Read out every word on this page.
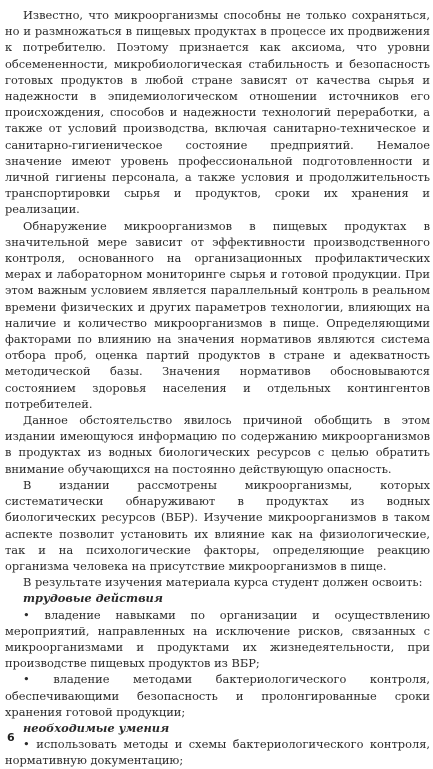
Известно, что микроорганизмы способны не только сохраняться, но и размножаться в пищевых продуктах в процессе их продвижения к потребителю. Поэтому признается как аксиома, что уровни обсемененности, микробиологическая стабильность и безопасность готовых продуктов в любой стране зависят от качества сырья и надежности в эпидемиологическом отношении источников его происхождения, способов и надежности технологий переработки, а также от условий производства, включая санитарно-техническое и санитарно-гигиеническое состояние предприятий. Немалое значение имеют уровень профессиональной подготовленности и личной гигиены персонала, а также условия и продолжительность транспортировки сырья и продуктов, сроки их хранения и реализации.

Обнаружение микроорганизмов в пищевых продуктах в значительной мере зависит от эффективности производственного контроля, основанного на организационных профилактических мерах и лабораторном мониторинге сырья и готовой продукции. При этом важным условием является параллельный контроль в реальном времени физических и других параметров технологии, влияющих на наличие и количество микроорганизмов в пище. Определяющими факторами по влиянию на значения нормативов являются система отбора проб, оценка партий продуктов в стране и адекватность методической базы. Значения нормативов обосновываются состоянием здоровья населения и отдельных контингентов потребителей.

Данное обстоятельство явилось причиной обобщить в этом издании имеющуюся информацию по содержанию микроорганизмов в продуктах из водных биологических ресурсов с целью обратить внимание обучающихся на постоянно действующую опасность.

В издании рассмотрены микроорганизмы, которых систематически обнаруживают в продуктах из водных биологических ресурсов (ВБР). Изучение микроорганизмов в таком аспекте позволит установить их влияние как на физиологические, так и на психологические факторы, определяющие реакцию организма человека на присутствие микроорганизмов в пище.

В результате изучения материала курса студент должен освоить:

трудовые действия

• владение навыками по организации и осуществлению мероприятий, направленных на исключение рисков, связанных с микроорганизмами и продуктами их жизнедеятельности, при производстве пищевых продуктов из ВБР;

• владение методами бактериологического контроля, обеспечивающими безопасность и пролонгированные сроки хранения готовой продукции;

необходимые умения

• использовать методы и схемы бактериологического контроля, нормативную документацию;

6
